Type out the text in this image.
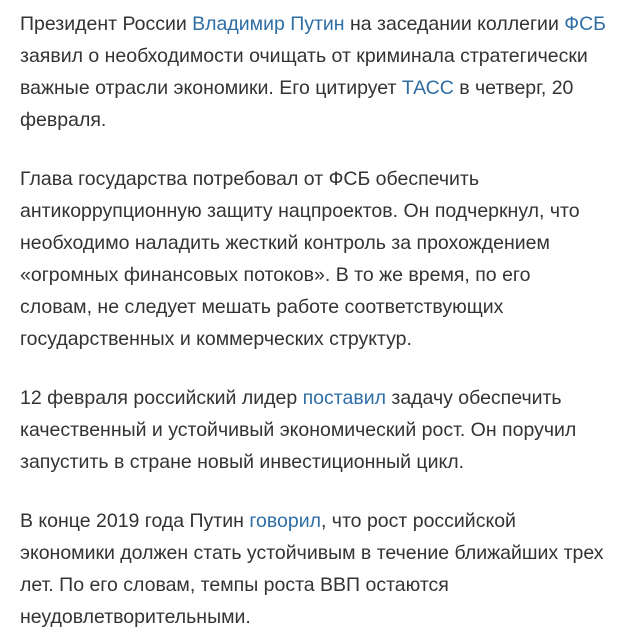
Президент России Владимир Путин на заседании коллегии ФСБ заявил о необходимости очищать от криминала стратегически важные отрасли экономики. Его цитирует ТАСС в четверг, 20 февраля.

Глава государства потребовал от ФСБ обеспечить антикоррупционную защиту нацпроектов. Он подчеркнул, что необходимо наладить жесткий контроль за прохождением «огромных финансовых потоков». В то же время, по его словам, не следует мешать работе соответствующих государственных и коммерческих структур.

12 февраля российский лидер поставил задачу обеспечить качественный и устойчивый экономический рост. Он поручил запустить в стране новый инвестиционный цикл.

В конце 2019 года Путин говорил, что рост российской экономики должен стать устойчивым в течение ближайших трех лет. По его словам, темпы роста ВВП остаются неудовлетворительными.
